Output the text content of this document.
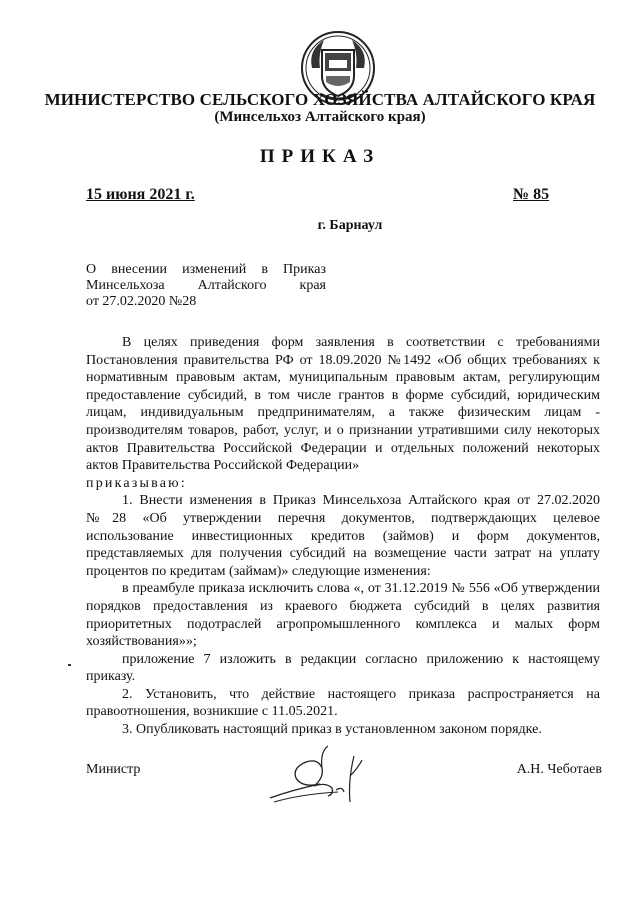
МИНИСТЕРСТВО СЕЛЬСКОГО ХОЗЯЙСТВА АЛТАЙСКОГО КРАЯ
(Минсельхоз Алтайского края)
ПРИКАЗ
15 июня 2021 г.	№ 85
г. Барнаул
О внесении изменений в Приказ
Минсельхоза Алтайского края
от 27.02.2020 №28

В целях приведения форм заявления в соответствии с требованиями Постановления правительства РФ от 18.09.2020 №1492 «Об общих требованиях к нормативным правовым актам, муниципальным правовым актам, регулирующим предоставление субсидий, в том числе грантов в форме субсидий, юридическим лицам, индивидуальным предпринимателям, а также физическим лицам - производителям товаров, работ, услуг, и о признании утратившими силу некоторых актов Правительства Российской Федерации и отдельных положений некоторых актов Правительства Российской Федерации»

приказываю:

1. Внести изменения в Приказ Минсельхоза Алтайского края от 27.02.2020 №28 «Об утверждении перечня документов, подтверждающих целевое использование инвестиционных кредитов (займов) и форм документов, представляемых для получения субсидий на возмещение части затрат на уплату процентов по кредитам (займам)» следующие изменения:

в преамбуле приказа исключить слова «, от 31.12.2019 № 556 «Об утверждении порядков предоставления из краевого бюджета субсидий в целях развития приоритетных подотраслей агропромышленного комплекса и малых форм хозяйствования»»;

приложение 7 изложить в редакции согласно приложению к настоящему приказу.

2. Установить, что действие настоящего приказа распространяется на правоотношения, возникшие с 11.05.2021.

3. Опубликовать настоящий приказ в установленном законом порядке.

Министр	А.Н. Чеботаев
